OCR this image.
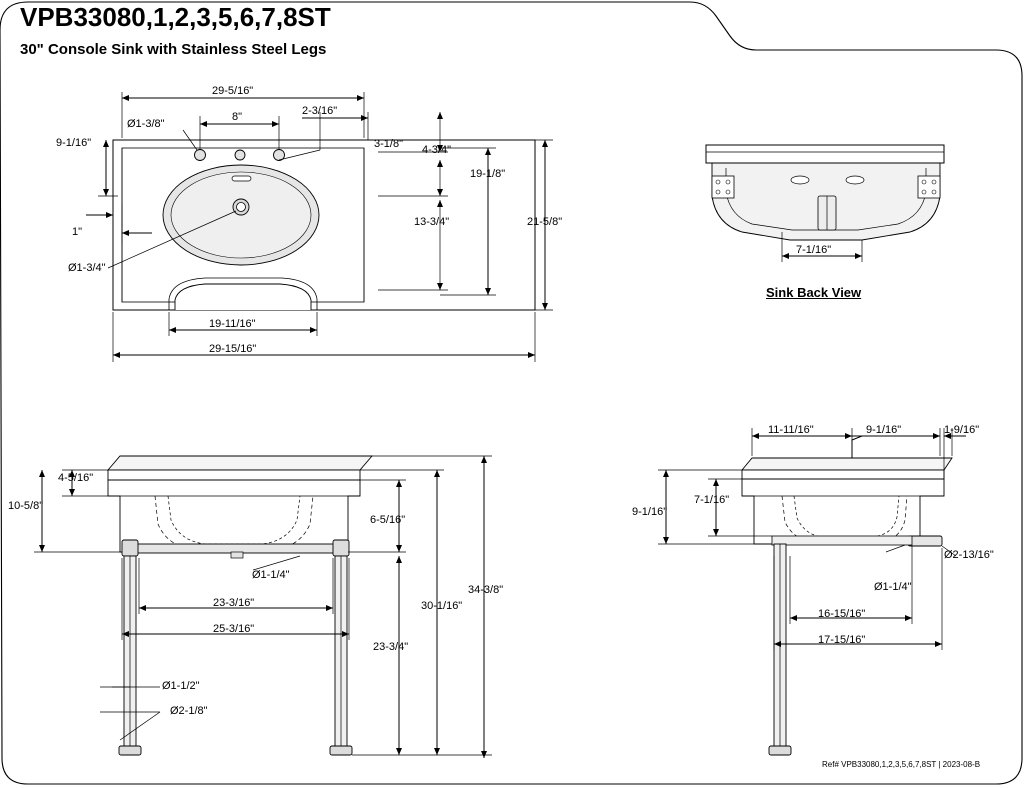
VPB33080,1,2,3,5,6,7,8ST
30" Console Sink with Stainless Steel Legs
29-5/16"
Ø1-3/8"
8"	2-3/16"
9-1/16"	3-1/8" 4-3/4"
1"
Ø1-3/4"
13-3/4"
19-1/8"
21-5/8"
19-11/16"
29-15/16"
7-1/16"
Sink Back View
4-5/16"
10-5/8"
Ø1-1/4"
6-5/16"
23-3/16"
25-3/16"
Ø1-1/2"
Ø2-1/8"
23-3/4"
30-1/16"
34-3/8"
11-11/16"	9-1/16"	1-9/16"
9-1/16"
7-1/16"
Ø2-13/16"
Ø1-1/4"
16-15/16"
17-15/16"
Ref# VPB33080,1,2,3,5,6,7,8ST | 2023-08-B
